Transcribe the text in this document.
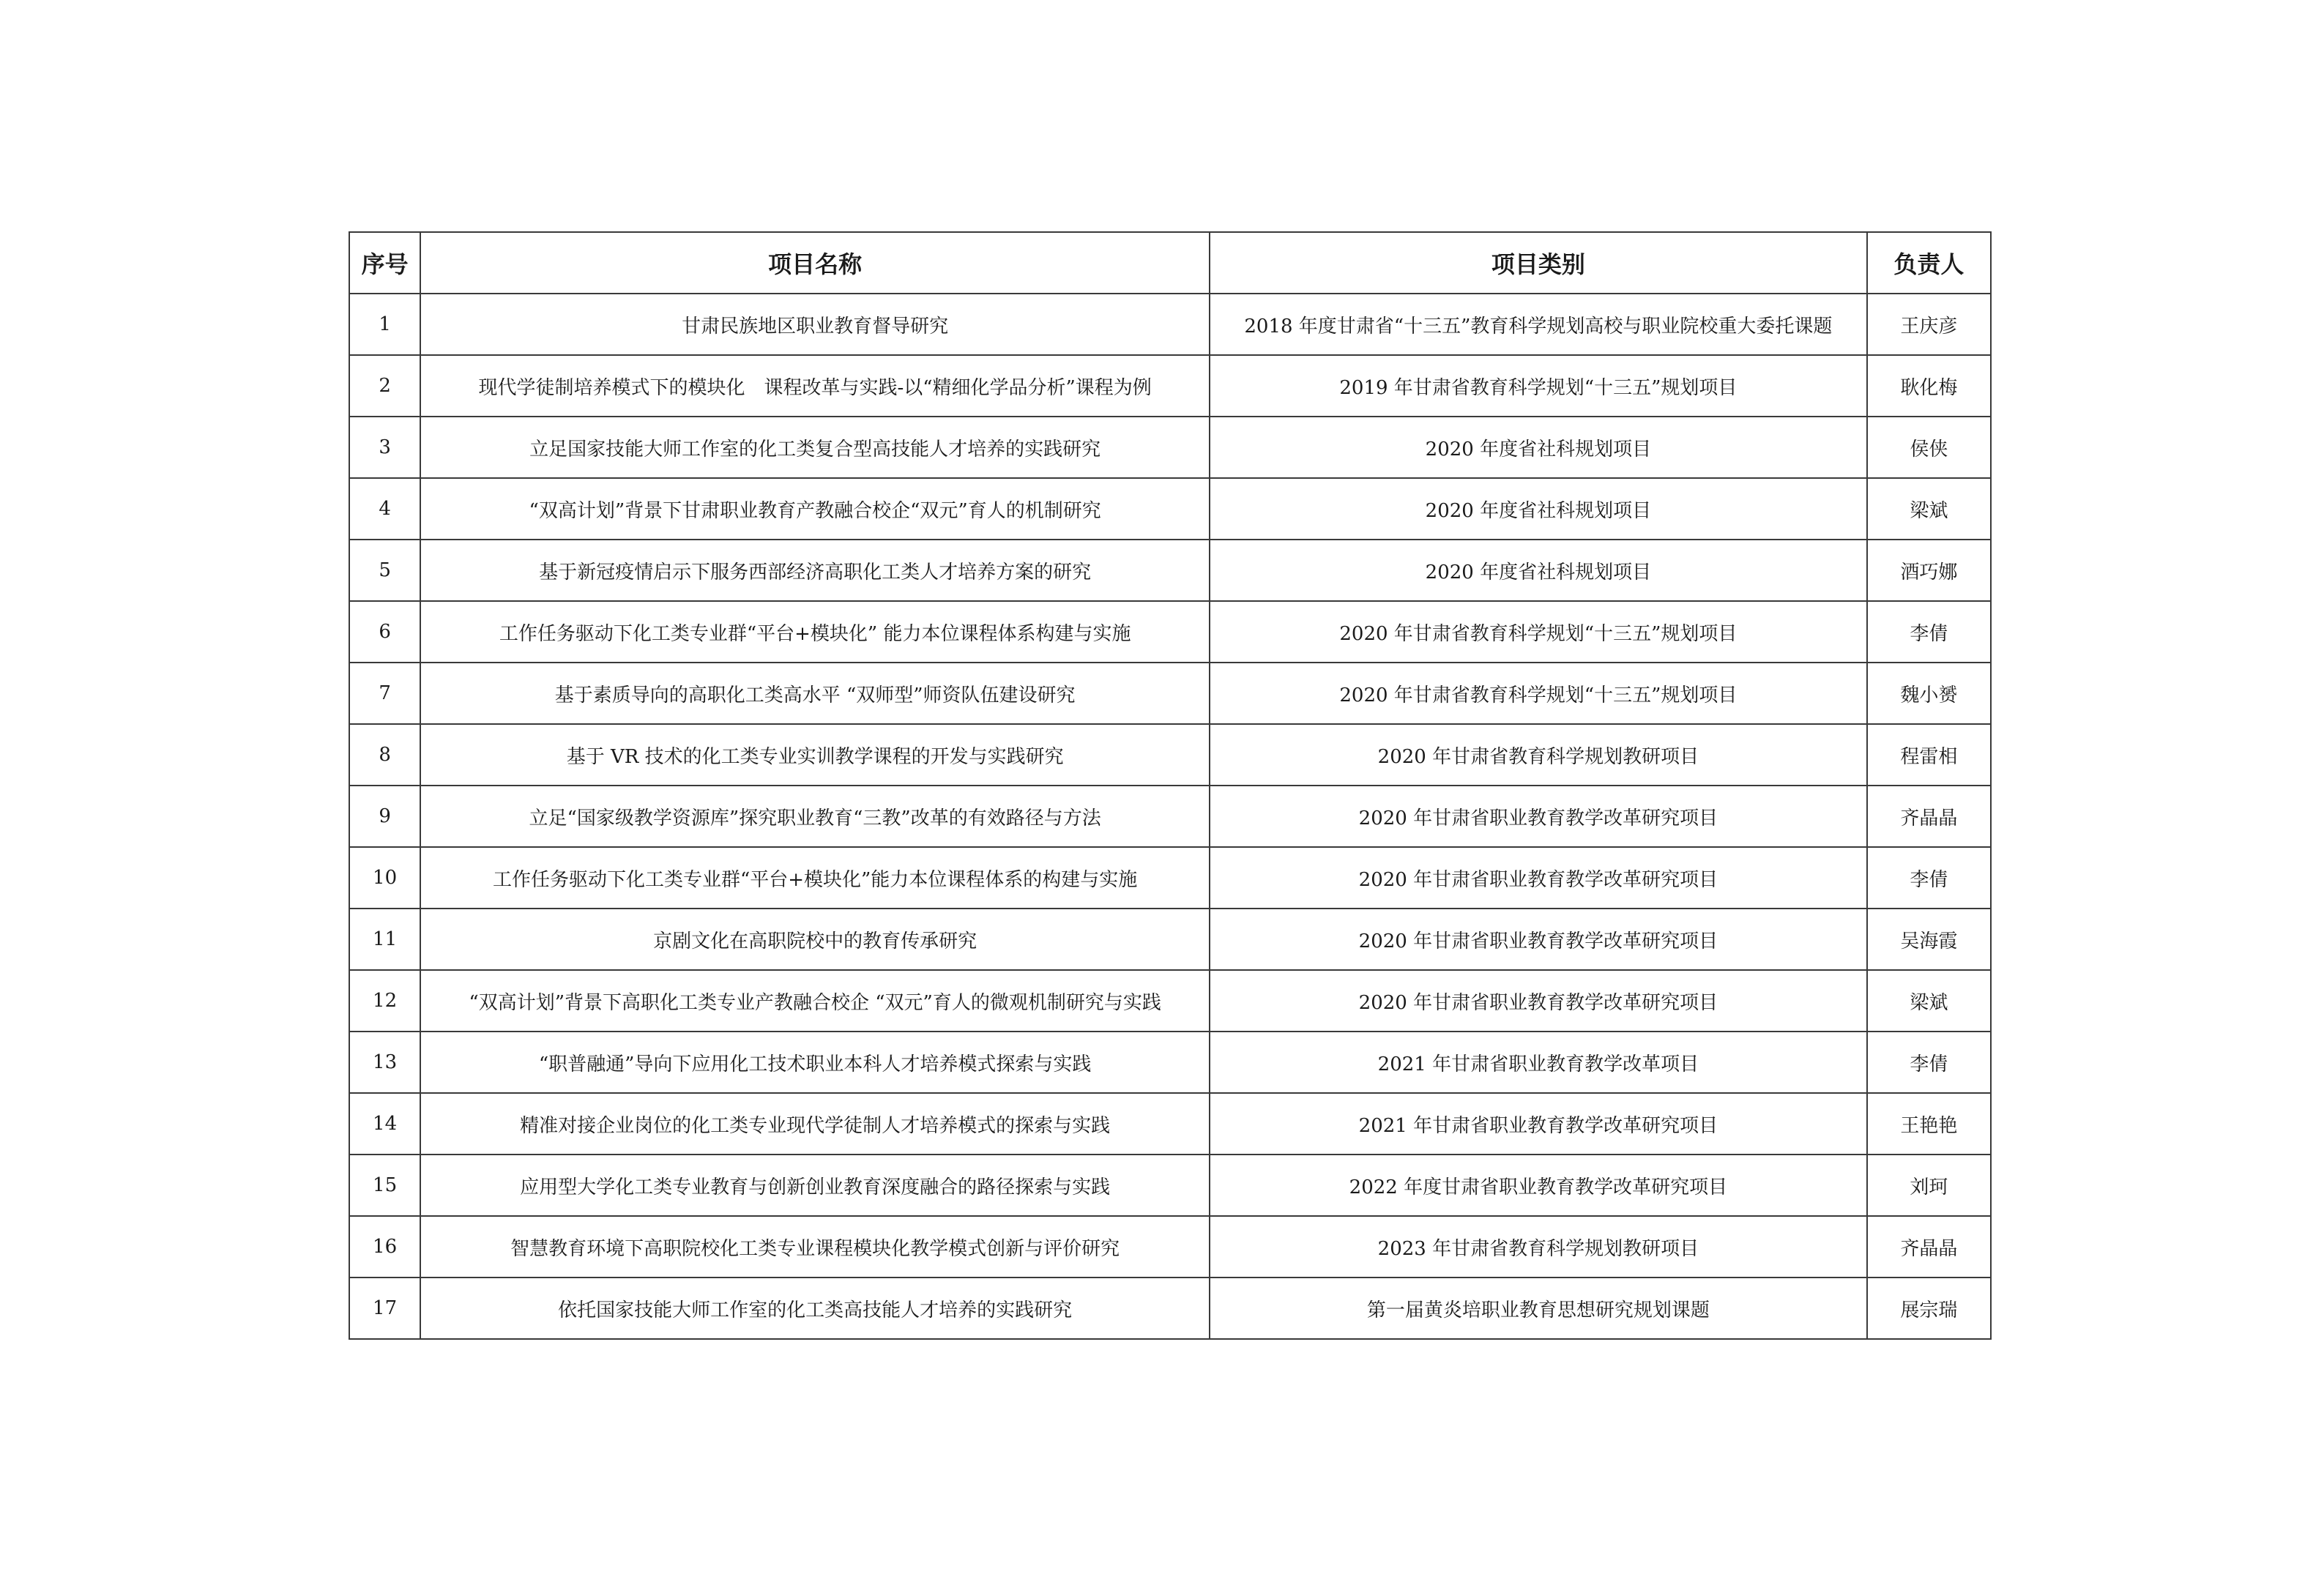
序号	项目名称	项目类别	负责人
1	甘肃民族地区职业教育督导研究	2018 年度甘肃省“十三五”教育科学规划高校与职业院校重大委托课题	王庆彦
2	现代学徒制培养模式下的模块化　课程改革与实践-以“精细化学品分析”课程为例	2019 年甘肃省教育科学规划“十三五”规划项目	耿化梅
3	立足国家技能大师工作室的化工类复合型高技能人才培养的实践研究	2020 年度省社科规划项目	侯侠
4	“双高计划”背景下甘肃职业教育产教融合校企“双元”育人的机制研究	2020 年度省社科规划项目	梁斌
5	基于新冠疫情启示下服务西部经济高职化工类人才培养方案的研究	2020 年度省社科规划项目	酒巧娜
6	工作任务驱动下化工类专业群“平台+模块化” 能力本位课程体系构建与实施	2020 年甘肃省教育科学规划“十三五”规划项目	李倩
7	基于素质导向的高职化工类高水平 “双师型”师资队伍建设研究	2020 年甘肃省教育科学规划“十三五”规划项目	魏小赟
8	基于 VR 技术的化工类专业实训教学课程的开发与实践研究	2020 年甘肃省教育科学规划教研项目	程雷相
9	立足“国家级教学资源库”探究职业教育“三教”改革的有效路径与方法	2020 年甘肃省职业教育教学改革研究项目	齐晶晶
10	工作任务驱动下化工类专业群“平台+模块化”能力本位课程体系的构建与实施	2020 年甘肃省职业教育教学改革研究项目	李倩
11	京剧文化在高职院校中的教育传承研究	2020 年甘肃省职业教育教学改革研究项目	吴海霞
12	“双高计划”背景下高职化工类专业产教融合校企 “双元”育人的微观机制研究与实践	2020 年甘肃省职业教育教学改革研究项目	梁斌
13	“职普融通”导向下应用化工技术职业本科人才培养模式探索与实践	2021 年甘肃省职业教育教学改革项目	李倩
14	精准对接企业岗位的化工类专业现代学徒制人才培养模式的探索与实践	2021 年甘肃省职业教育教学改革研究项目	王艳艳
15	应用型大学化工类专业教育与创新创业教育深度融合的路径探索与实践	2022 年度甘肃省职业教育教学改革研究项目	刘珂
16	智慧教育环境下高职院校化工类专业课程模块化教学模式创新与评价研究	2023 年甘肃省教育科学规划教研项目	齐晶晶
17	依托国家技能大师工作室的化工类高技能人才培养的实践研究	第一届黄炎培职业教育思想研究规划课题	展宗瑞
